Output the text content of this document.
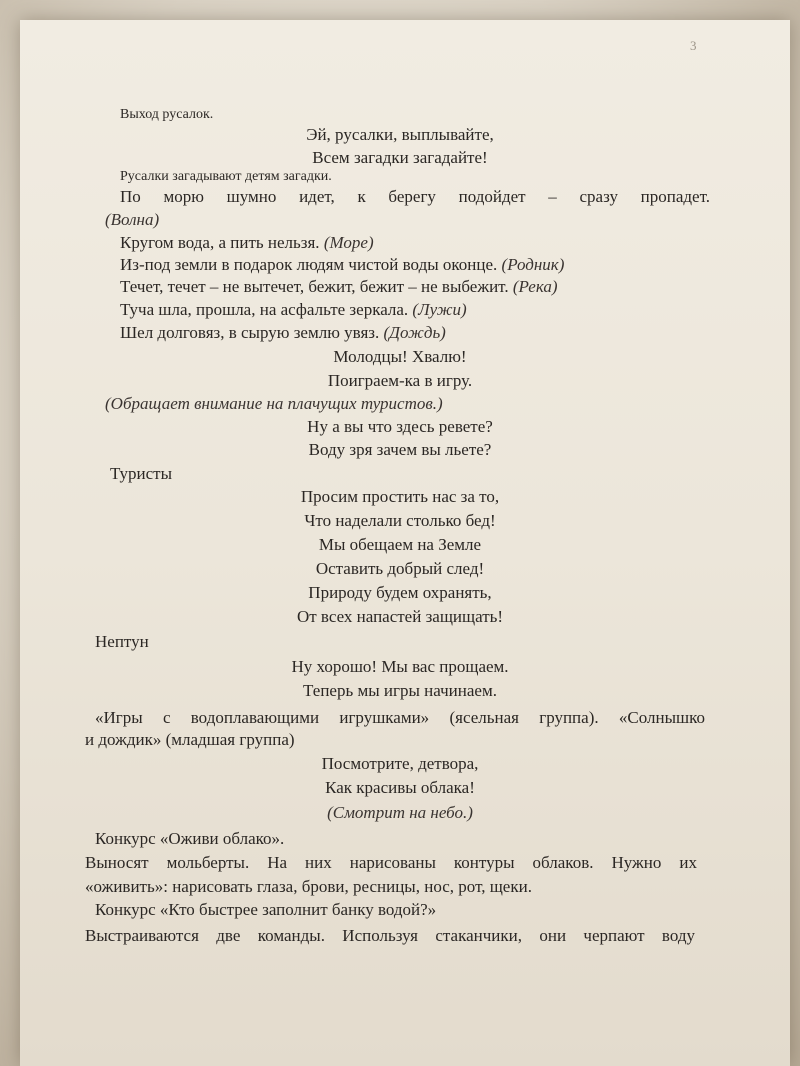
3
Выход русалок.
Эй, русалки, выплывайте,
Всем загадки загадайте!
Русалки загадывают детям загадки.
По морю шумно идет, к берегу подойдет – сразу пропадет.
(Волна)
Кругом вода, а пить нельзя. (Море)
Из-под земли в подарок людям чистой воды оконце. (Родник)
Течет, течет – не вытечет, бежит, бежит – не выбежит. (Река)
Туча шла, прошла, на асфальте зеркала. (Лужи)
Шел долговяз, в сырую землю увяз. (Дождь)
Молодцы! Хвалю!
Поиграем-ка в игру.
(Обращает внимание на плачущих туристов.)
Ну а вы что здесь ревете?
Воду зря зачем вы льете?
Туристы
Просим простить нас за то,
Что наделали столько бед!
Мы обещаем на Земле
Оставить добрый след!
Природу будем охранять,
От всех напастей защищать!
Нептун
Ну хорошо! Мы вас прощаем.
Теперь мы игры начинаем.
«Игры с водоплавающими игрушками» (ясельная группа). «Солнышко
и дождик» (младшая группа)
Посмотрите, детвора,
Как красивы облака!
(Смотрит на небо.)
Конкурс «Оживи облако».
Выносят мольберты. На них нарисованы контуры облаков. Нужно их
«оживить»: нарисовать глаза, брови, ресницы, нос, рот, щеки.
Конкурс «Кто быстрее заполнит банку водой?»
Выстраиваются две команды. Используя стаканчики, они черпают воду
